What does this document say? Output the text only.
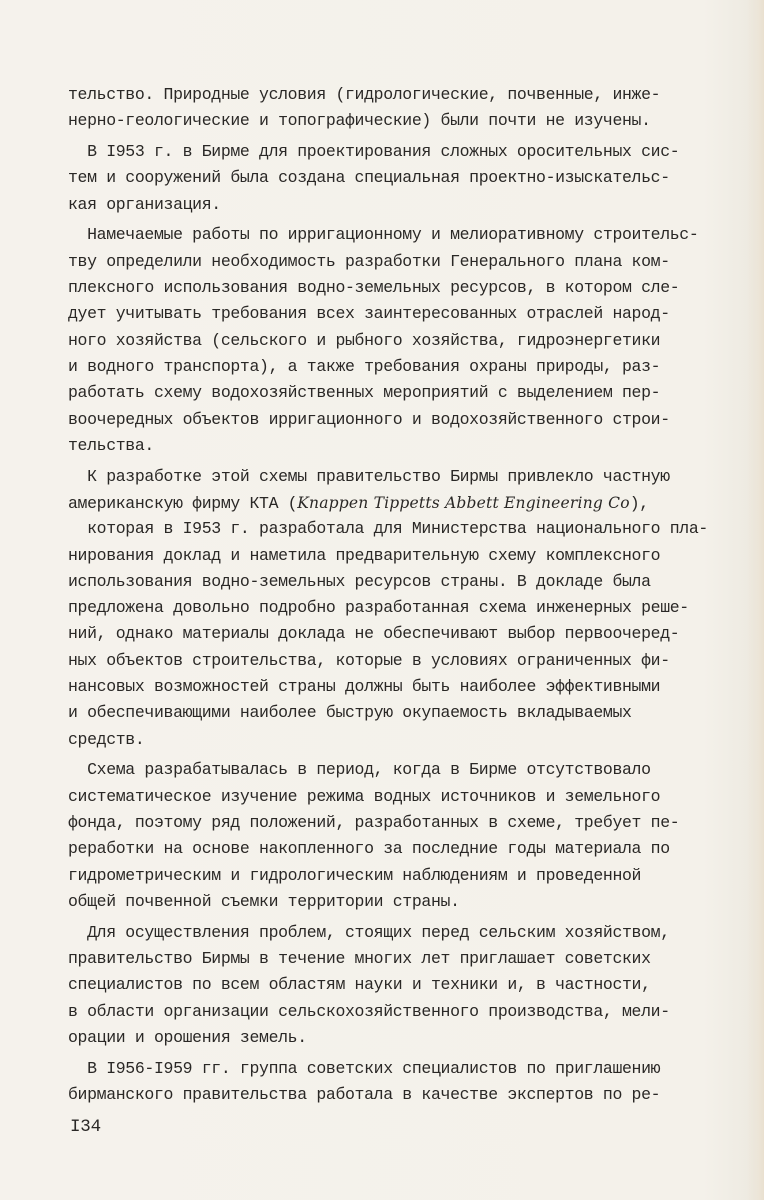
тельство. Природные условия (гидрологические, почвенные, инже-
нерно-геологические и топографические) были почти не изучены.
В I953 г. в Бирме для проектирования сложных оросительных сис-
тем и сооружений была создана специальная проектно-изыскательс-
кая организация.
Намечаемые работы по ирригационному и мелиоративному строительс-
тву определили необходимость разработки Генерального плана ком-
плексного использования водно-земельных ресурсов, в котором сле-
дует учитывать требования всех заинтересованных отраслей народ-
ного хозяйства (сельского и рыбного хозяйства, гидроэнергетики
и водного транспорта), а также требования охраны природы, раз-
работать схему водохозяйственных мероприятий с выделением пер-
воочередных объектов ирригационного и водохозяйственного строи-
тельства.
К разработке этой схемы правительство Бирмы привлекло частную
американскую фирму КТА (Knappen Tippetts Abbett Engineering Co),
которая в I953 г. разработала для Министерства национального пла-
нирования доклад и наметила предварительную схему комплексного
использования водно-земельных ресурсов страны. В докладе была
предложена довольно подробно разработанная схема инженерных реше-
ний, однако материалы доклада не обеспечивают выбор первоочеред-
ных объектов строительства, которые в условиях ограниченных фи-
нансовых возможностей страны должны быть наиболее эффективными
и обеспечивающими наиболее быструю окупаемость вкладываемых
средств.
Схема разрабатывалась в период, когда в Бирме отсутствовало
систематическое изучение режима водных источников и земельного
фонда, поэтому ряд положений, разработанных в схеме, требует пе-
реработки на основе накопленного за последние годы материала по
гидрометрическим и гидрологическим наблюдениям и проведенной
общей почвенной съемки территории страны.
Для осуществления проблем, стоящих перед сельским хозяйством,
правительство Бирмы в течение многих лет приглашает советских
специалистов по всем областям науки и техники и, в частности,
в области организации сельскохозяйственного производства, мели-
орации и орошения земель.
В I956-I959 гг. группа советских специалистов по приглашению
бирманского правительства работала в качестве экспертов по ре-
I34
